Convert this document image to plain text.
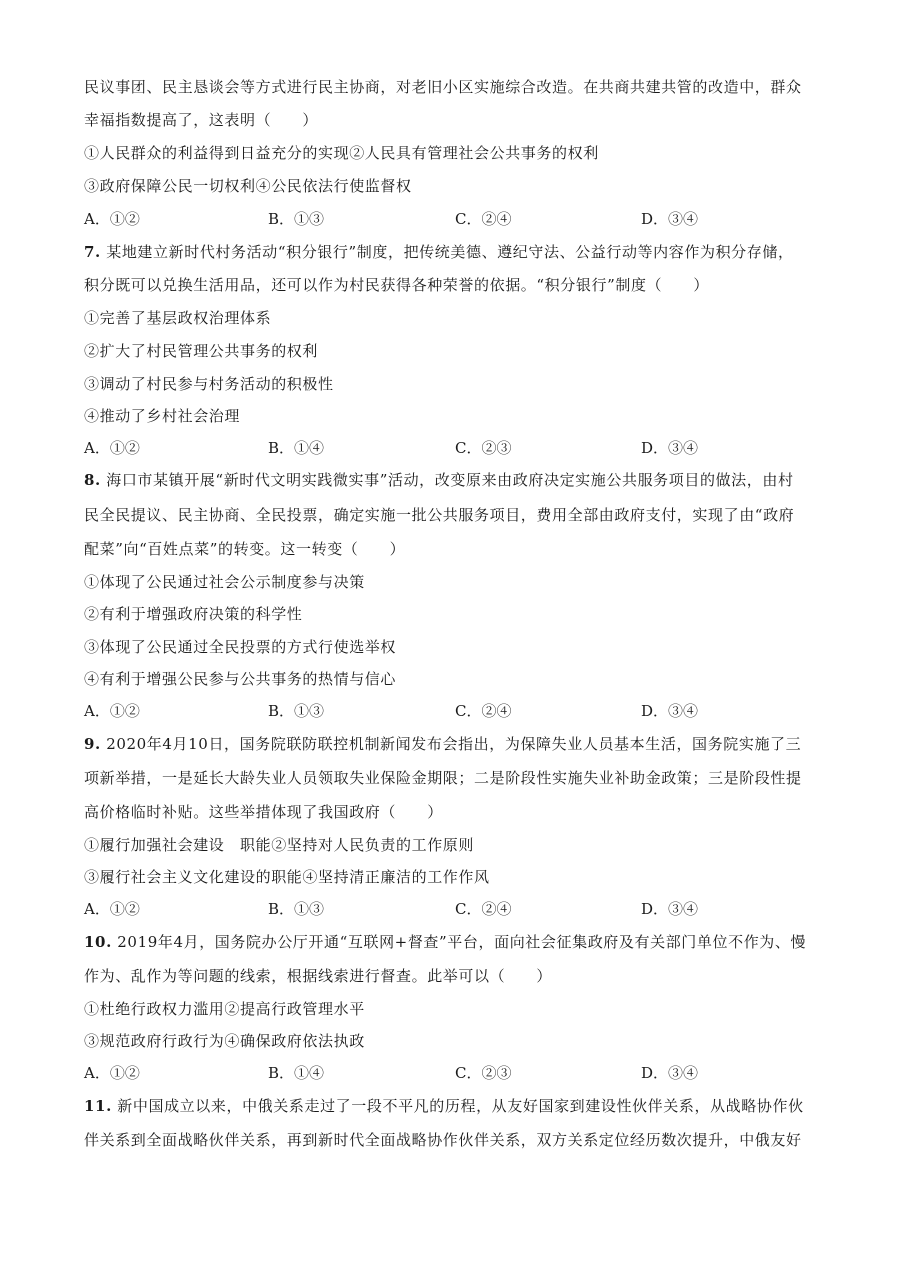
民议事团、民主恳谈会等方式进行民主协商，对老旧小区实施综合改造。在共商共建共管的改造中，群众
幸福指数提高了，这表明（　　）
①人民群众的利益得到日益充分的实现②人民具有管理社会公共事务的权利
③政府保障公民一切权利④公民依法行使监督权
A．①②	B．①③	C．②④	D．③④
7. 某地建立新时代村务活动“积分银行”制度，把传统美德、遵纪守法、公益行动等内容作为积分存储，
积分既可以兑换生活用品，还可以作为村民获得各种荣誉的依据。“积分银行”制度（　　）
①完善了基层政权治理体系
②扩大了村民管理公共事务的权利
③调动了村民参与村务活动的积极性
④推动了乡村社会治理
A．①②	B．①④	C．②③	D．③④
8. 海口市某镇开展“新时代文明实践微实事”活动，改变原来由政府决定实施公共服务项目的做法，由村
民全民提议、民主协商、全民投票，确定实施一批公共服务项目，费用全部由政府支付，实现了由“政府
配菜”向“百姓点菜”的转变。这一转变（　　）
①体现了公民通过社会公示制度参与决策
②有利于增强政府决策的科学性
③体现了公民通过全民投票的方式行使选举权
④有利于增强公民参与公共事务的热情与信心
A．①②	B．①③	C．②④	D．③④
9. 2020年4月10日，国务院联防联控机制新闻发布会指出，为保障失业人员基本生活，国务院实施了三
项新举措，一是延长大龄失业人员领取失业保险金期限；二是阶段性实施失业补助金政策；三是阶段性提
高价格临时补贴。这些举措体现了我国政府（　　）
①履行加强社会建设　职能②坚持对人民负责的工作原则
③履行社会主义文化建设的职能④坚持清正廉洁的工作作风
A．①②	B．①③	C．②④	D．③④
10. 2019年4月，国务院办公厅开通“互联网+督查”平台，面向社会征集政府及有关部门单位不作为、慢
作为、乱作为等问题的线索，根据线索进行督查。此举可以（　　）
①杜绝行政权力滥用②提高行政管理水平
③规范政府行政行为④确保政府依法执政
A．①②	B．①④	C．②③	D．③④
11. 新中国成立以来，中俄关系走过了一段不平凡的历程，从友好国家到建设性伙伴关系，从战略协作伙
伴关系到全面战略伙伴关系，再到新时代全面战略协作伙伴关系，双方关系定位经历数次提升，中俄友好
